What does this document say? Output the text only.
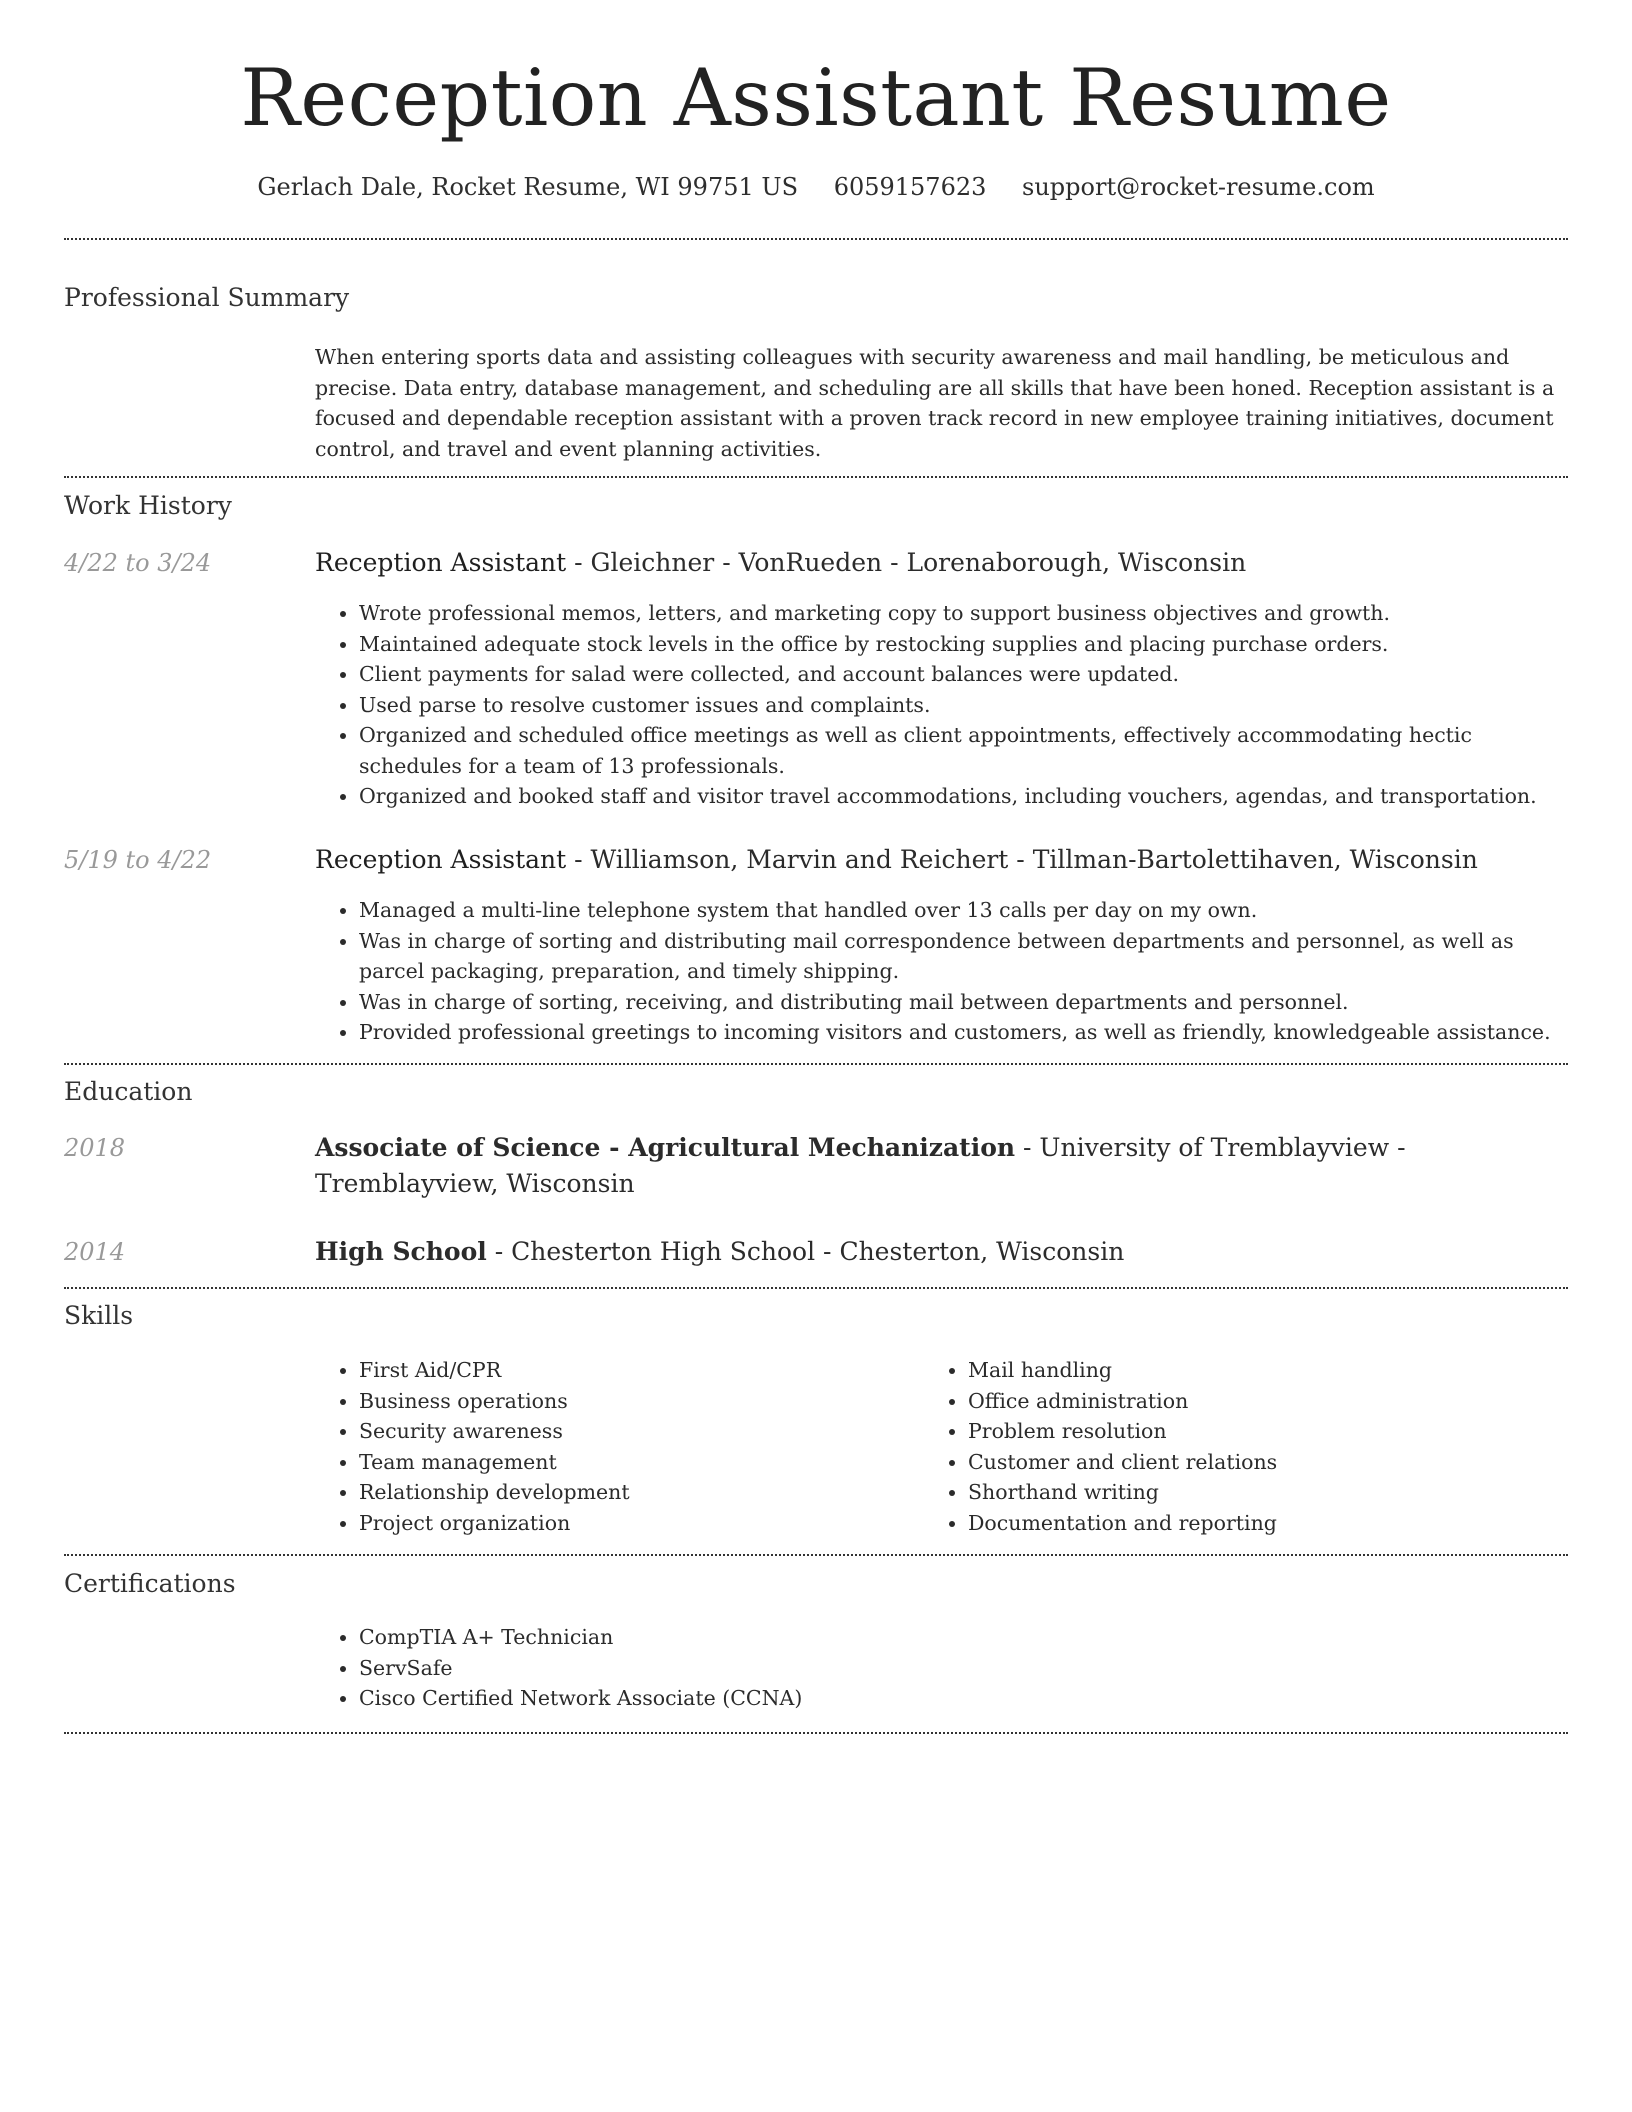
Reception Assistant Resume
Gerlach Dale, Rocket Resume, WI 99751 US 6059157623 support@rocket-resume.com
Professional Summary
When entering sports data and assisting colleagues with security awareness and mail handling, be meticulous and precise. Data entry, database management, and scheduling are all skills that have been honed. Reception assistant is a focused and dependable reception assistant with a proven track record in new employee training initiatives, document control, and travel and event planning activities.
Work History
4/22 to 3/24	Reception Assistant - Gleichner - VonRueden - Lorenaborough, Wisconsin
• Wrote professional memos, letters, and marketing copy to support business objectives and growth.
• Maintained adequate stock levels in the office by restocking supplies and placing purchase orders.
• Client payments for salad were collected, and account balances were updated.
• Used parse to resolve customer issues and complaints.
• Organized and scheduled office meetings as well as client appointments, effectively accommodating hectic schedules for a team of 13 professionals.
• Organized and booked staff and visitor travel accommodations, including vouchers, agendas, and transportation.
5/19 to 4/22	Reception Assistant - Williamson, Marvin and Reichert - Tillman-Bartolettihaven, Wisconsin
• Managed a multi-line telephone system that handled over 13 calls per day on my own.
• Was in charge of sorting and distributing mail correspondence between departments and personnel, as well as parcel packaging, preparation, and timely shipping.
• Was in charge of sorting, receiving, and distributing mail between departments and personnel.
• Provided professional greetings to incoming visitors and customers, as well as friendly, knowledgeable assistance.
Education
2018	Associate of Science - Agricultural Mechanization - University of Tremblayview - Tremblayview, Wisconsin
2014	High School - Chesterton High School - Chesterton, Wisconsin
Skills
• First Aid/CPR
• Business operations
• Security awareness
• Team management
• Relationship development
• Project organization
• Mail handling
• Office administration
• Problem resolution
• Customer and client relations
• Shorthand writing
• Documentation and reporting
Certifications
• CompTIA A+ Technician
• ServSafe
• Cisco Certified Network Associate (CCNA)
